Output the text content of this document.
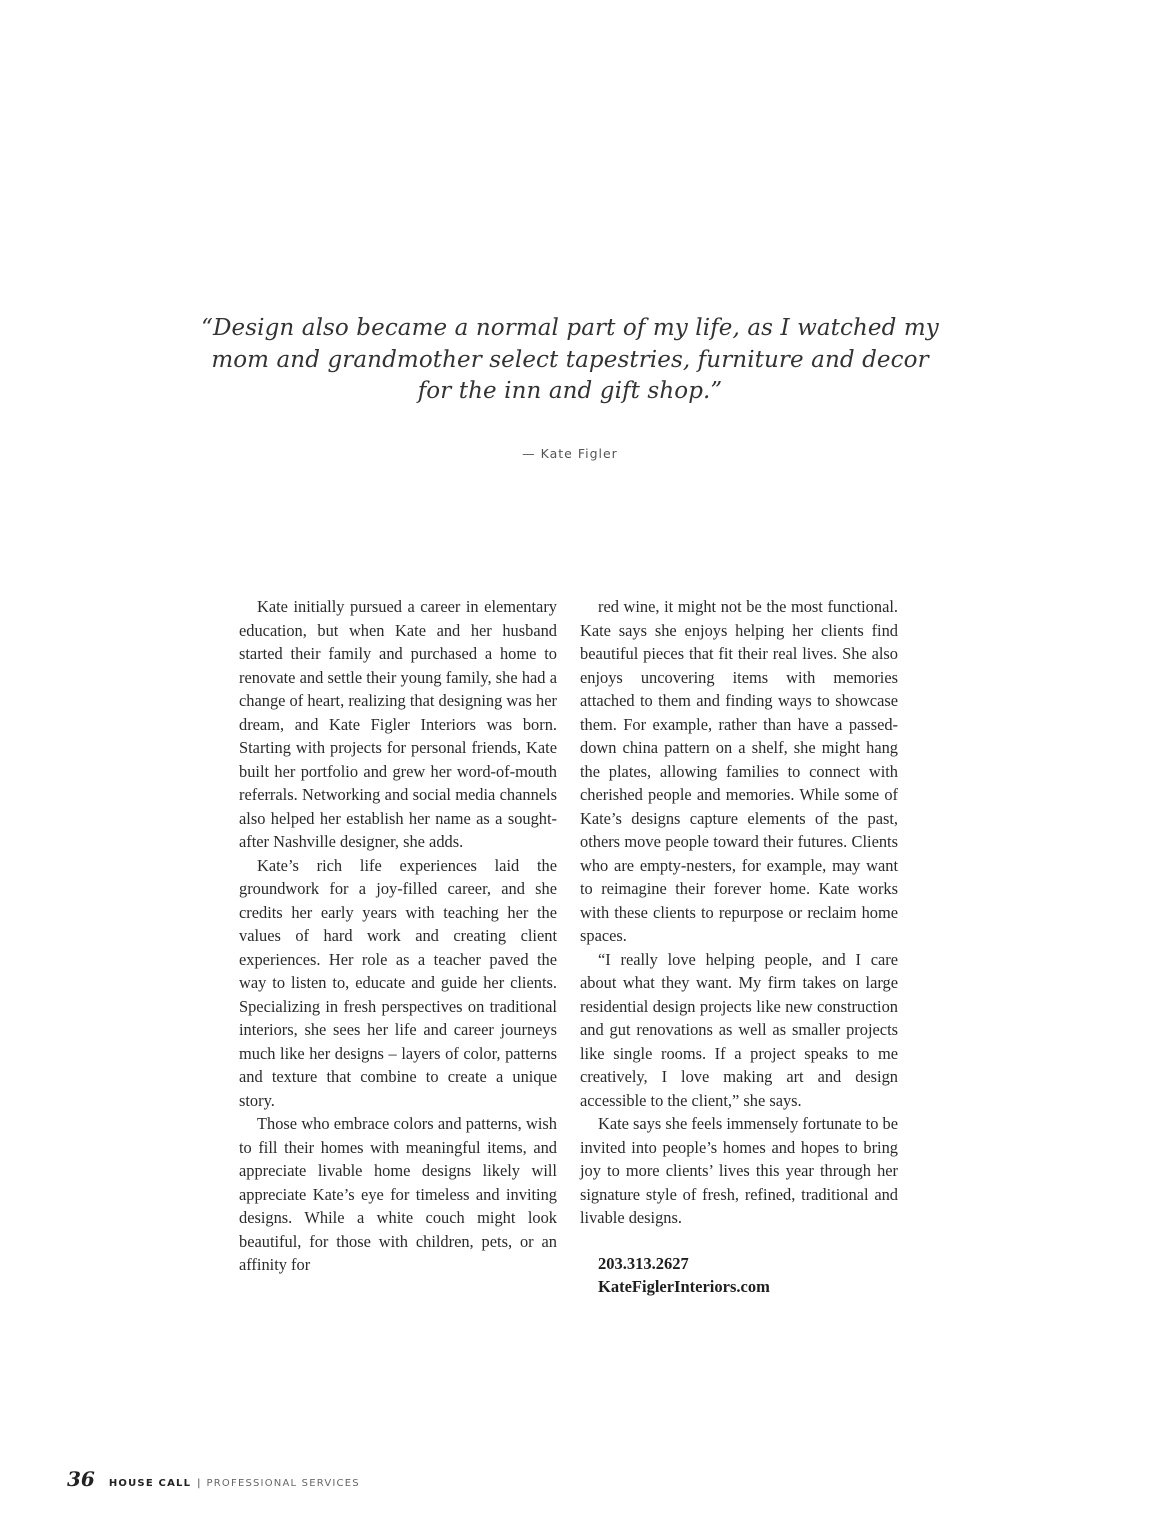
“Design also became a normal part of my life, as I watched my
mom and grandmother select tapestries, furniture and decor
for the inn and gift shop.”
— Kate Figler

Kate initially pursued a career in elementary education, but when Kate and her husband started their family and purchased a home to renovate and settle their young family, she had a change of heart, realizing that designing was her dream, and Kate Figler Interiors was born. Starting with projects for personal friends, Kate built her portfolio and grew her word-of-mouth referrals. Networking and social media channels also helped her establish her name as a sought-after Nashville designer, she adds.

Kate’s rich life experiences laid the groundwork for a joy-filled career, and she credits her early years with teaching her the values of hard work and creating client experiences. Her role as a teacher paved the way to listen to, educate and guide her clients. Specializing in fresh perspectives on traditional interiors, she sees her life and career journeys much like her designs – layers of color, patterns and texture that combine to create a unique story.

Those who embrace colors and patterns, wish to fill their homes with meaningful items, and appreciate livable home designs likely will appreciate Kate’s eye for timeless and inviting designs. While a white couch might look beautiful, for those with children, pets, or an affinity for

red wine, it might not be the most functional. Kate says she enjoys helping her clients find beautiful pieces that fit their real lives. She also enjoys uncovering items with memories attached to them and finding ways to showcase them. For example, rather than have a passed-down china pattern on a shelf, she might hang the plates, allowing families to connect with cherished people and memories. While some of Kate’s designs capture elements of the past, others move people toward their futures. Clients who are empty-nesters, for example, may want to reimagine their forever home. Kate works with these clients to repurpose or reclaim home spaces.

“I really love helping people, and I care about what they want. My firm takes on large residential design projects like new construction and gut renovations as well as smaller projects like single rooms. If a project speaks to me creatively, I love making art and design accessible to the client,” she says.

Kate says she feels immensely fortunate to be invited into people’s homes and hopes to bring joy to more clients’ lives this year through her signature style of fresh, refined, traditional and livable designs.

203.313.2627
KateFiglerInteriors.com
36 HOUSE CALL | PROFESSIONAL SERVICES
